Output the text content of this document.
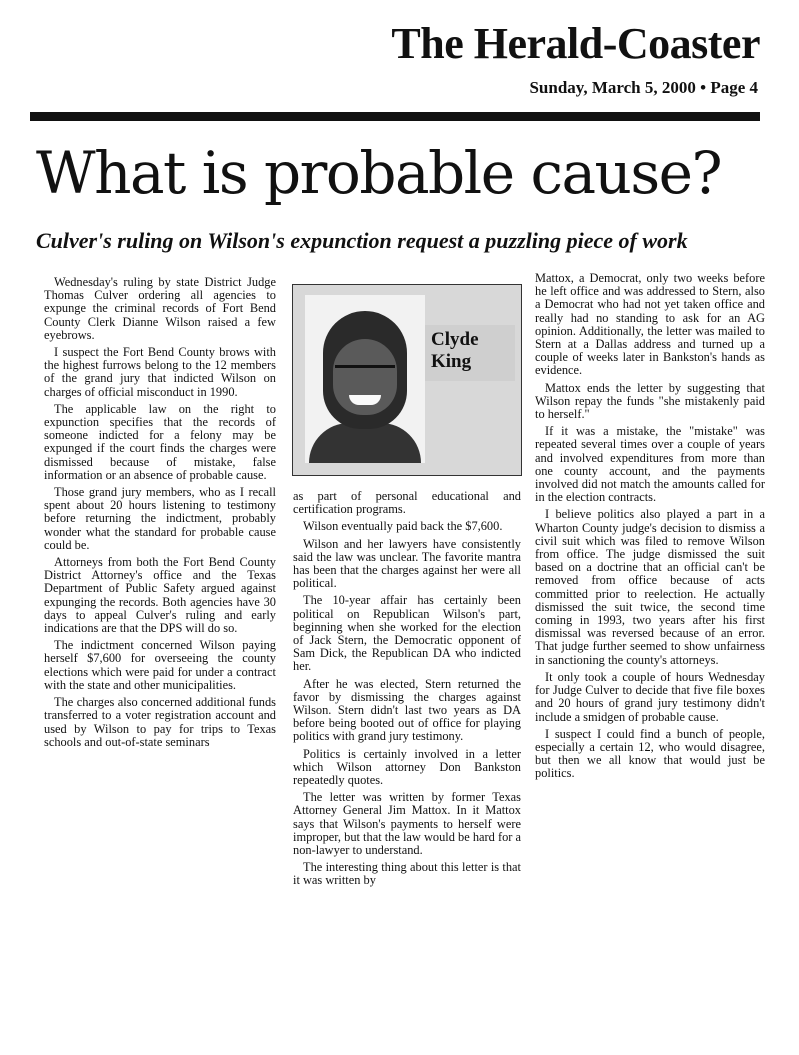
The Herald-Coaster
Sunday, March 5, 2000 • Page 4
What is probable cause?
Culver's ruling on Wilson's expunction request a puzzling piece of work

Wednesday's ruling by state District Judge Thomas Culver ordering all agencies to expunge the criminal records of Fort Bend County Clerk Dianne Wilson raised a few eyebrows.

I suspect the Fort Bend County brows with the highest furrows belong to the 12 members of the grand jury that indicted Wilson on charges of official misconduct in 1990.

The applicable law on the right to expunction specifies that the records of someone indicted for a felony may be expunged if the court finds the charges were dismissed because of mistake, false information or an absence of probable cause.

Those grand jury members, who as I recall spent about 20 hours listening to testimony before returning the indictment, probably wonder what the standard for probable cause could be.

Attorneys from both the Fort Bend County District Attorney's office and the Texas Department of Public Safety argued against expunging the records. Both agencies have 30 days to appeal Culver's ruling and early indications are that the DPS will do so.

The indictment concerned Wilson paying herself $7,600 for overseeing the county elections which were paid for under a contract with the state and other municipalities.

The charges also concerned additional funds transferred to a voter registration account and used by Wilson to pay for trips to Texas schools and out-of-state seminars

Clyde King

as part of personal educational and certification programs.

Wilson eventually paid back the $7,600.

Wilson and her lawyers have consistently said the law was unclear. The favorite mantra has been that the charges against her were all political.

The 10-year affair has certainly been political on Republican Wilson's part, beginning when she worked for the election of Jack Stern, the Democratic opponent of Sam Dick, the Republican DA who indicted her.

After he was elected, Stern returned the favor by dismissing the charges against Wilson. Stern didn't last two years as DA before being booted out of office for playing politics with grand jury testimony.

Politics is certainly involved in a letter which Wilson attorney Don Bankston repeatedly quotes.

The letter was written by former Texas Attorney General Jim Mattox. In it Mattox says that Wilson's payments to herself were improper, but that the law would be hard for a non-lawyer to understand.

The interesting thing about this letter is that it was written by

Mattox, a Democrat, only two weeks before he left office and was addressed to Stern, also a Democrat who had not yet taken office and really had no standing to ask for an AG opinion. Additionally, the letter was mailed to Stern at a Dallas address and turned up a couple of weeks later in Bankston's hands as evidence.

Mattox ends the letter by suggesting that Wilson repay the funds "she mistakenly paid to herself."

If it was a mistake, the "mistake" was repeated several times over a couple of years and involved expenditures from more than one county account, and the payments involved did not match the amounts called for in the election contracts.

I believe politics also played a part in a Wharton County judge's decision to dismiss a civil suit which was filed to remove Wilson from office. The judge dismissed the suit based on a doctrine that an official can't be removed from office because of acts committed prior to reelection. He actually dismissed the suit twice, the second time coming in 1993, two years after his first dismissal was reversed because of an error. That judge further seemed to show unfairness in sanctioning the county's attorneys.

It only took a couple of hours Wednesday for Judge Culver to decide that five file boxes and 20 hours of grand jury testimony didn't include a smidgen of probable cause.

I suspect I could find a bunch of people, especially a certain 12, who would disagree, but then we all know that would just be politics.
